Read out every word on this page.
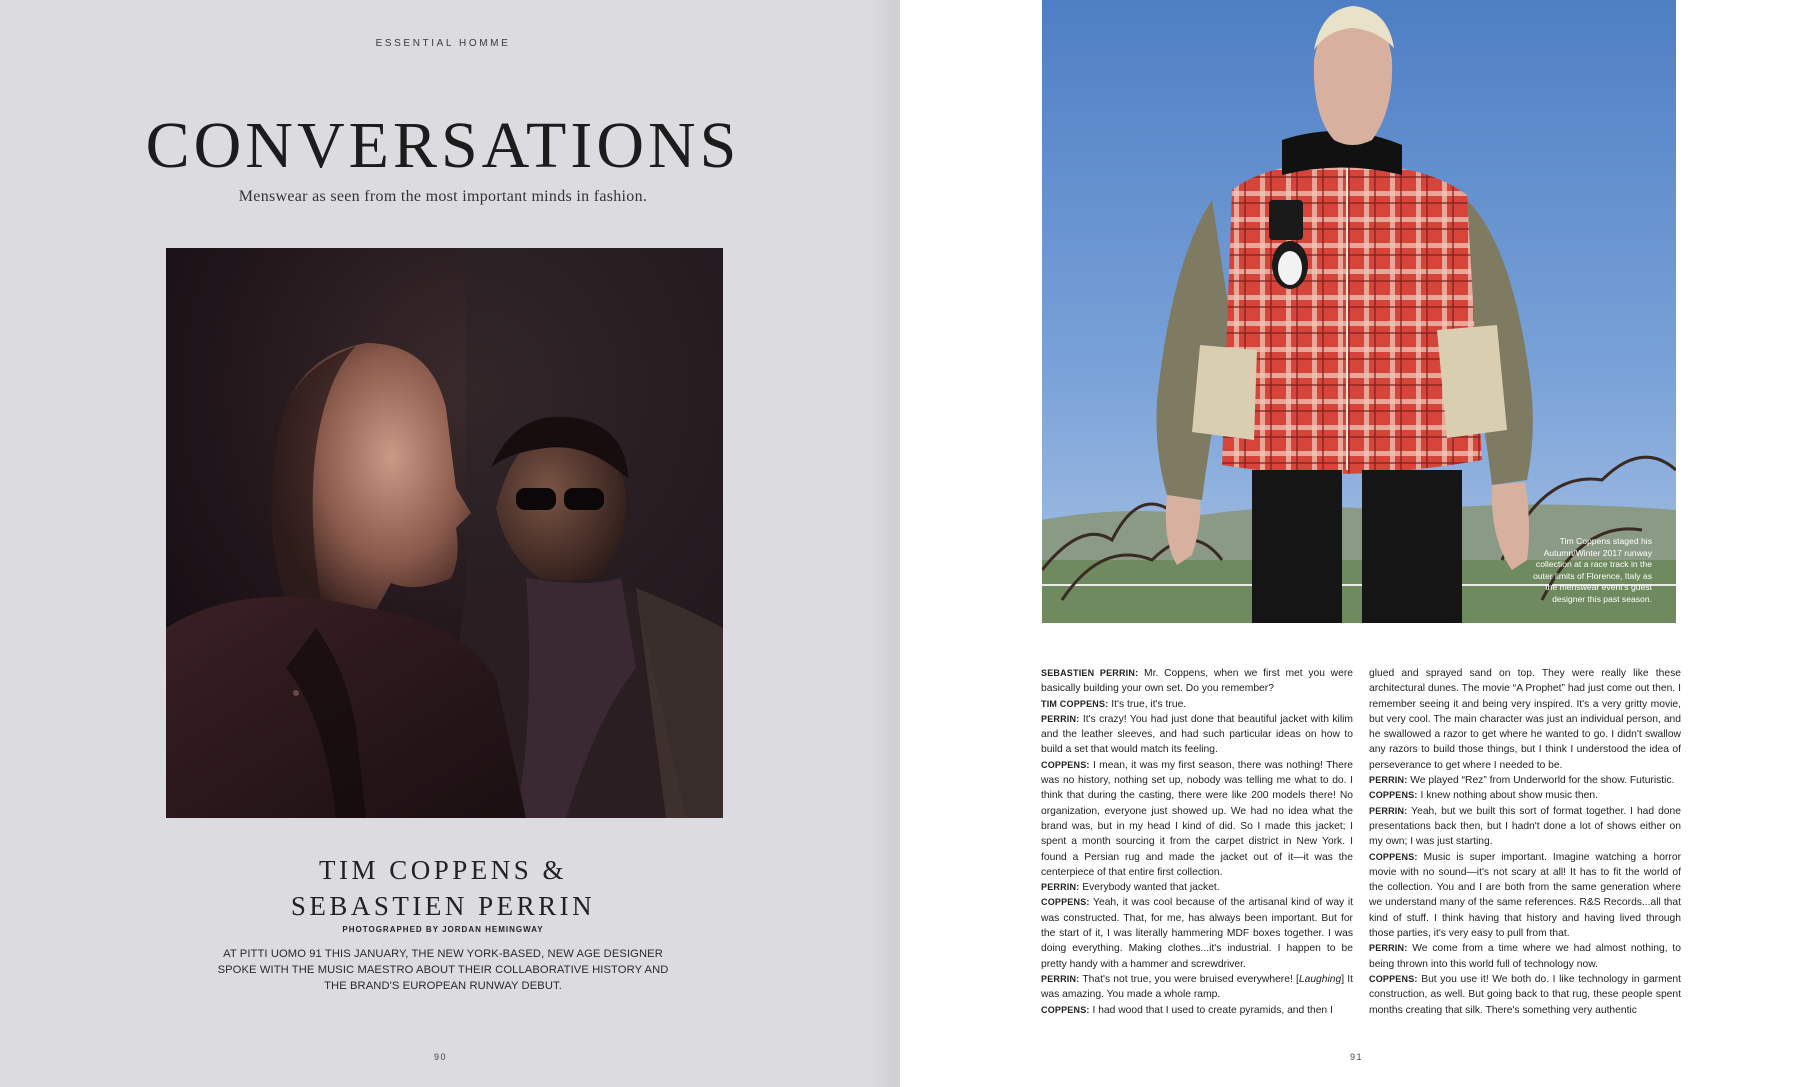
ESSENTIAL HOMME
CONVERSATIONS
Menswear as seen from the most important minds in fashion.
TIM COPPENS &
SEBASTIEN PERRIN
PHOTOGRAPHED BY JORDAN HEMINGWAY
AT PITTI UOMO 91 THIS JANUARY, THE NEW YORK-BASED, NEW AGE DESIGNER SPOKE WITH THE MUSIC MAESTRO ABOUT THEIR COLLABORATIVE HISTORY AND THE BRAND'S EUROPEAN RUNWAY DEBUT.
90
Tim Coppens staged his Autumn/Winter 2017 runway collection at a race track in the outer limits of Florence, Italy as the menswear event's guest designer this past season.

SEBASTIEN PERRIN: Mr. Coppens, when we first met you were basically building your own set. Do you remember?

TIM COPPENS: It's true, it's true.

PERRIN: It's crazy! You had just done that beautiful jacket with kilim and the leather sleeves, and had such particular ideas on how to build a set that would match its feeling.

COPPENS: I mean, it was my first season, there was nothing! There was no history, nothing set up, nobody was telling me what to do. I think that during the casting, there were like 200 models there! No organization, everyone just showed up. We had no idea what the brand was, but in my head I kind of did. So I made this jacket; I spent a month sourcing it from the carpet district in New York. I found a Persian rug and made the jacket out of it—it was the centerpiece of that entire first collection.

PERRIN: Everybody wanted that jacket.

COPPENS: Yeah, it was cool because of the artisanal kind of way it was constructed. That, for me, has always been important. But for the start of it, I was literally hammering MDF boxes together. I was doing everything. Making clothes...it's industrial. I happen to be pretty handy with a hammer and screwdriver.

PERRIN: That's not true, you were bruised everywhere! [Laughing] It was amazing. You made a whole ramp.

COPPENS: I had wood that I used to create pyramids, and then I

glued and sprayed sand on top. They were really like these architectural dunes. The movie “A Prophet” had just come out then. I remember seeing it and being very inspired. It's a very gritty movie, but very cool. The main character was just an individual person, and he swallowed a razor to get where he wanted to go. I didn't swallow any razors to build those things, but I think I understood the idea of perseverance to get where I needed to be.

PERRIN: We played “Rez” from Underworld for the show. Futuristic.

COPPENS: I knew nothing about show music then.

PERRIN: Yeah, but we built this sort of format together. I had done presentations back then, but I hadn't done a lot of shows either on my own; I was just starting.

COPPENS: Music is super important. Imagine watching a horror movie with no sound—it's not scary at all! It has to fit the world of the collection. You and I are both from the same generation where we understand many of the same references. R&S Records...all that kind of stuff. I think having that history and having lived through those parties, it's very easy to pull from that.

PERRIN: We come from a time where we had almost nothing, to being thrown into this world full of technology now.

COPPENS: But you use it! We both do. I like technology in garment construction, as well. But going back to that rug, these people spent months creating that silk. There's something very authentic

91
